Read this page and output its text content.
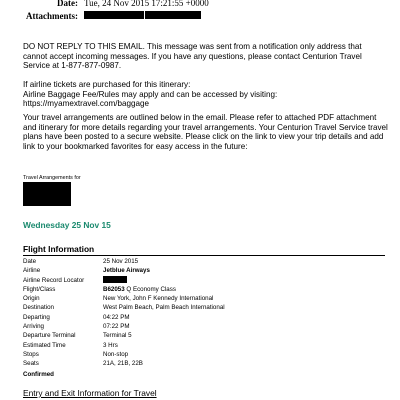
Date: Tue, 24 Nov 2015 17:21:55 +0000
Attachments:

DO NOT REPLY TO THIS EMAIL. This message was sent from a notification only address that cannot accept incoming messages. If you have any questions, please contact Centurion Travel Service at 1-877-877-0987.

If airline tickets are purchased for this itinerary:
Airline Baggage Fee/Rules may apply and can be accessed by visiting:
https://myamextravel.com/baggage

Your travel arrangements are outlined below in the email. Please refer to attached PDF attachment and itinerary for more details regarding your travel arrangements. Your Centurion Travel Service travel plans have been posted to a secure website. Please click on the link to view your trip details and add link to your bookmarked favorites for easy access in the future:

Travel Arrangements for
Wednesday 25 Nov 15
Flight Information
Date	25 Nov 2015
Airline	Jetblue Airways
Airline Record Locator
Flight/Class	B62053 Q Economy Class
Origin	New York, John F Kennedy International
Destination	West Palm Beach, Palm Beach International
Departing	04:22 PM
Arriving	07:22 PM
Departure Terminal	Terminal 5
Estimated Time	3 Hrs
Stops	Non-stop
Seats	21A, 21B, 22B
Confirmed
Entry and Exit Information for Travel
